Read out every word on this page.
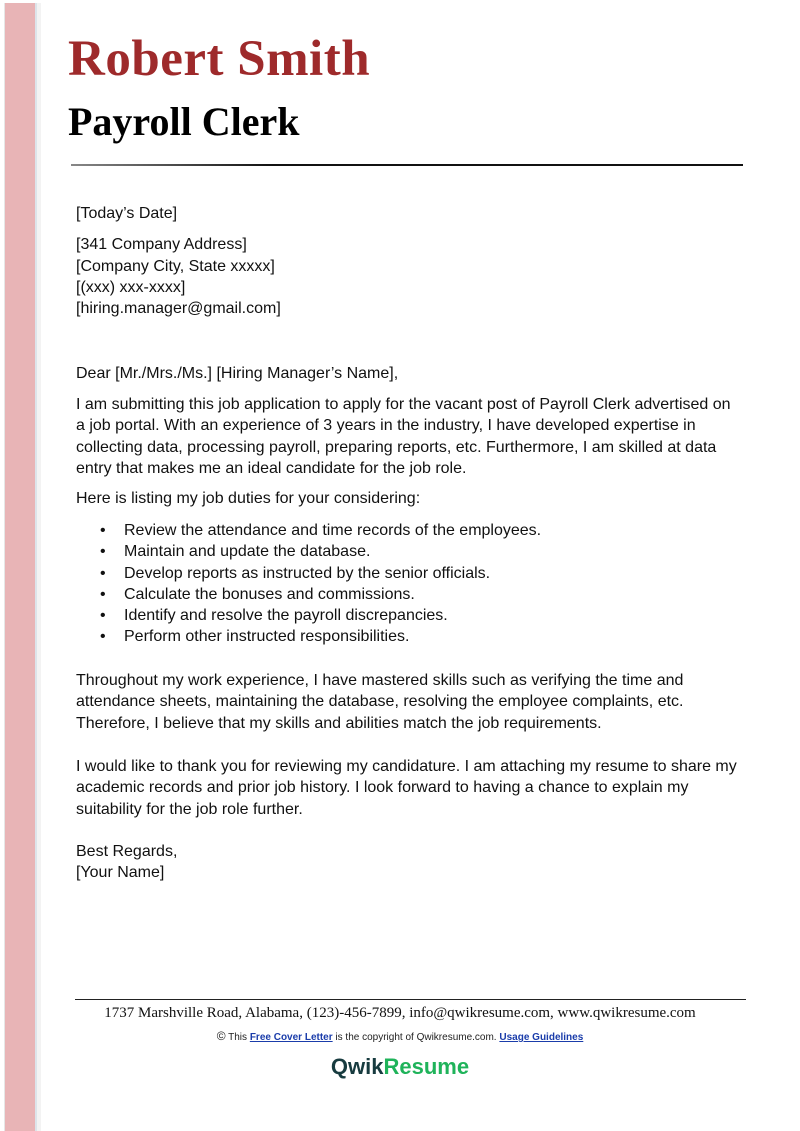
Robert Smith
Payroll Clerk
[Today’s Date]
[341 Company Address]
[Company City, State xxxxx]
[(xxx) xxx-xxxx]
[hiring.manager@gmail.com]
Dear [Mr./Mrs./Ms.] [Hiring Manager’s Name],
I am submitting this job application to apply for the vacant post of Payroll Clerk advertised on
a job portal. With an experience of 3 years in the industry, I have developed expertise in
collecting data, processing payroll, preparing reports, etc. Furthermore, I am skilled at data
entry that makes me an ideal candidate for the job role.
Here is listing my job duties for your considering:
• Review the attendance and time records of the employees.
• Maintain and update the database.
• Develop reports as instructed by the senior officials.
• Calculate the bonuses and commissions.
• Identify and resolve the payroll discrepancies.
• Perform other instructed responsibilities.
Throughout my work experience, I have mastered skills such as verifying the time and
attendance sheets, maintaining the database, resolving the employee complaints, etc.
Therefore, I believe that my skills and abilities match the job requirements.
I would like to thank you for reviewing my candidature. I am attaching my resume to share my
academic records and prior job history. I look forward to having a chance to explain my
suitability for the job role further.
Best Regards,
[Your Name]
1737 Marshville Road, Alabama, (123)-456-7899, info@qwikresume.com, www.qwikresume.com
© This Free Cover Letter is the copyright of Qwikresume.com. Usage Guidelines
QwikResume
